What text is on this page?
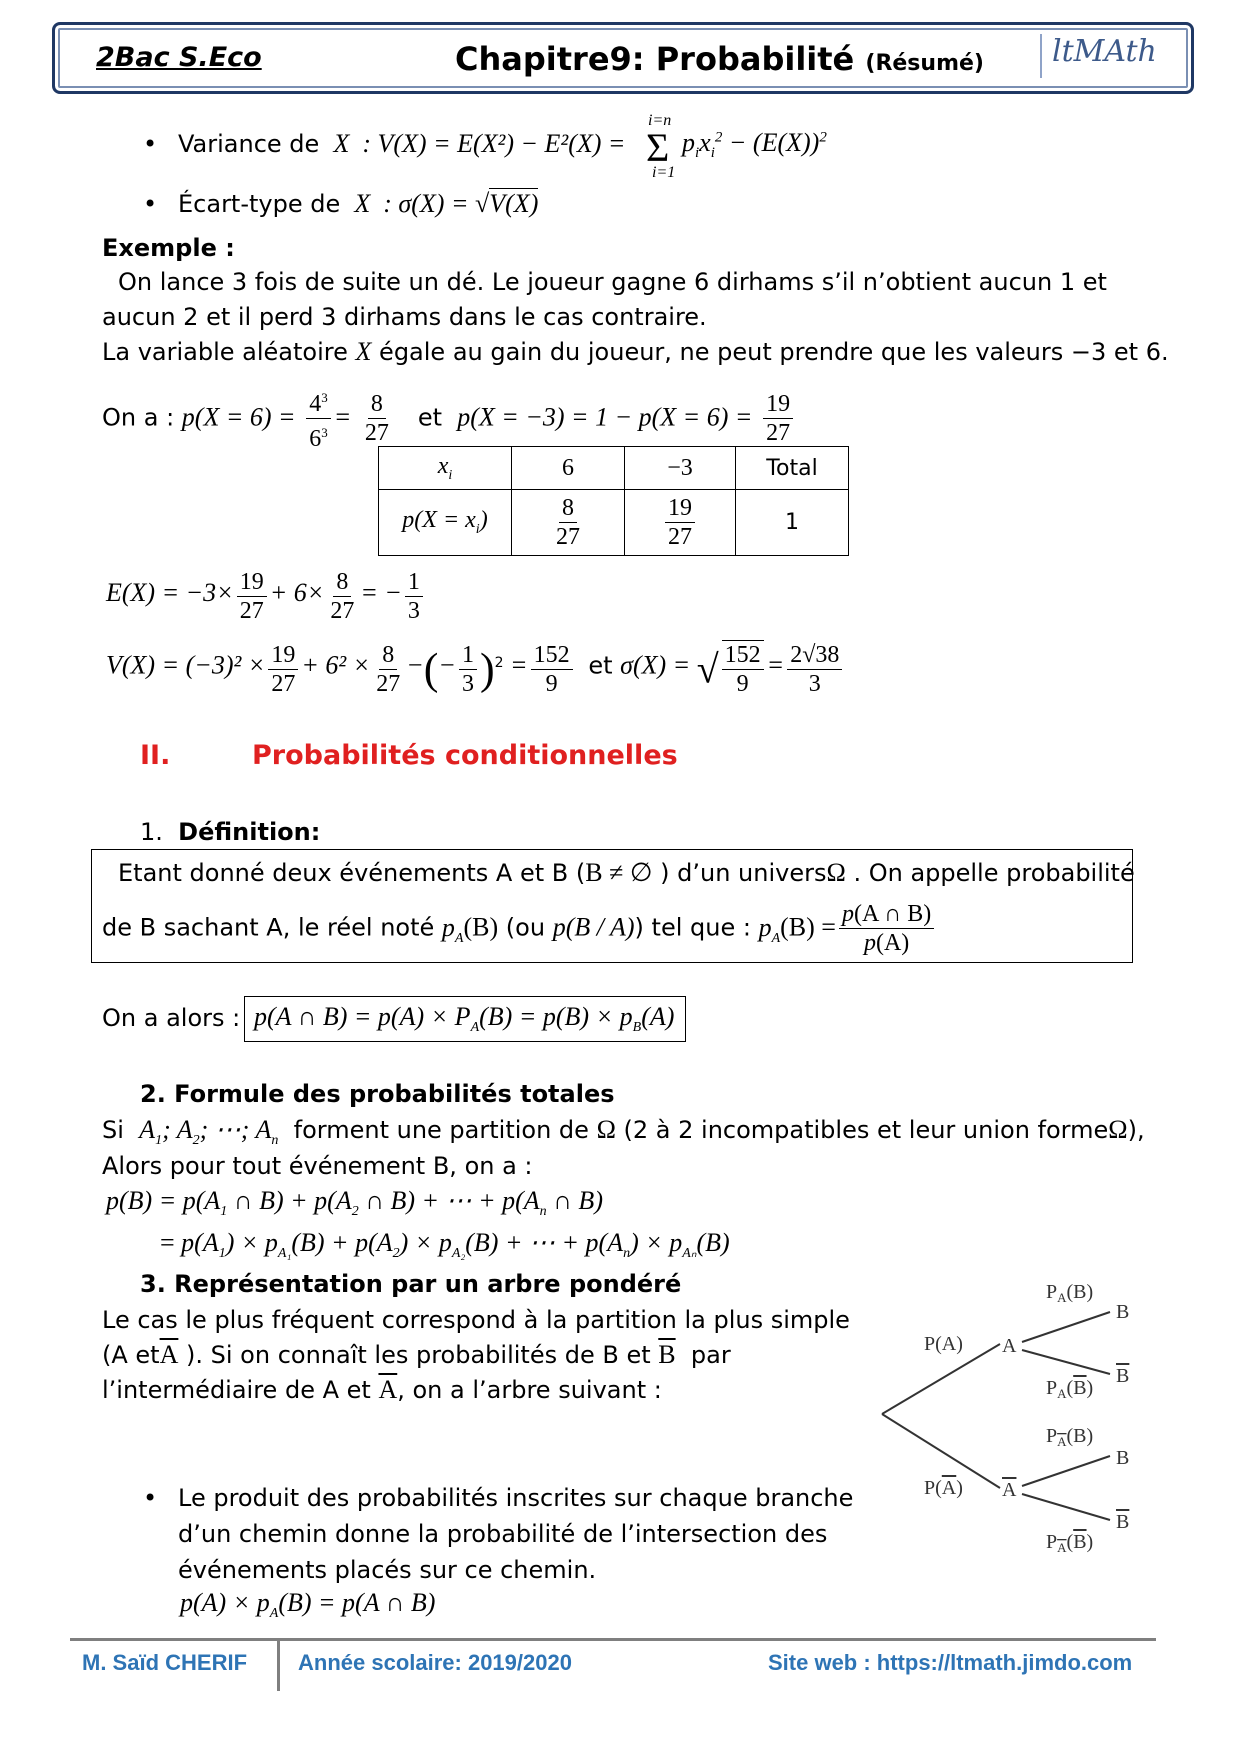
2Bac S.Eco	Chapitre9: Probabilité (Résumé)	ltMAth
• Variance de  X  : V(X) = E(X²) − E²(X) =
i=n
Σ
i=1
$p_ix_i^2 - (E(X))^2$
• Écart-type de  X  : σ(X) = √V(X)
Exemple :
On lance 3 fois de suite un dé. Le joueur gagne 6 dirhams s’il n’obtient aucun 1 et
aucun 2 et il perd 3 dirhams dans le cas contraire.
La variable aléatoire X égale au gain du joueur, ne peut prendre que les valeurs −3 et 6.
On a : $p(X = 6) = \frac{4^3}{6^3} = \frac{8}{27}$ et $p(X = -3) = 1 - p(X = 6) = \frac{19}{27}$
$x_i$	6	−3	Total
$p(X = x_i)$	$\frac{8}{27}$	$\frac{19}{27}$	1
$E(X) = -3\times \frac{19}{27} + 6\times \frac{8}{27}$ = − $\frac{1}{3}$
$V(X) = (-3)^2 \times \frac{19}{27} + 6^2 \times \frac{8}{27}$ −(− $\frac{1}{3} )^2 = \frac{152}{9}$ et σ(X) = √ $\frac{152}{9} = \frac{2√38}{3}$
II.	Probabilités conditionnelles
1. Définition:
Etant donné deux événements A et B (B ≠ ∅ ) d’un universΩ . On appelle probabilité
de B sachant A, le réel noté $p_A(B)$ (ou p(B / A)) tel que : $p_A(B) = \frac{p(A \cap B)}{p(A)}$
On a alors : p(A ∩ $B) = p(A) \times P_A(B) = p(B) \times p_B(A)$
2. Formule des probabilités totales
Si $A_1$; $A_2$; ⋯; $A_n$ forment une partition de Ω (2 à 2 incompatibles et leur union formeΩ),
Alors pour tout événement B, on a :
$p(B) = p(A_1$ ∩ $B) + p(A_2$ ∩ B) + ⋯ + $p(A_n$ ∩ B)
= $p(A_1) \times p_{A_1}(B) + p(A_2) \times p_{A_2}(B)$ + ⋯ + $p(A_n) \times p_{A_n}(B)$
3. Représentation par un arbre pondéré
Le cas le plus fréquent correspond à la partition la plus simple
(A $et\overline{A}$ ). Si on connaît les probabilités de B et $\overline{B}$ par
l’intermédiaire de A et $\overline{A}$, on a l’arbre suivant :
• Le produit des probabilités inscrites sur chaque branche
d’un chemin donne la probabilité de l’intersection des
événements placés sur ce chemin.
$p(A) \times p_A(B) = p(A$ ∩ B)
P(A) A
P(A) A
$P_A(B)$
$P_A(B)$
$P_A(B)$
$P_A(B)$
B
B
B
B
M. Saïd CHERIF Année scolaire: 2019/2020	Site web : https://ltmath.jimdo.com
